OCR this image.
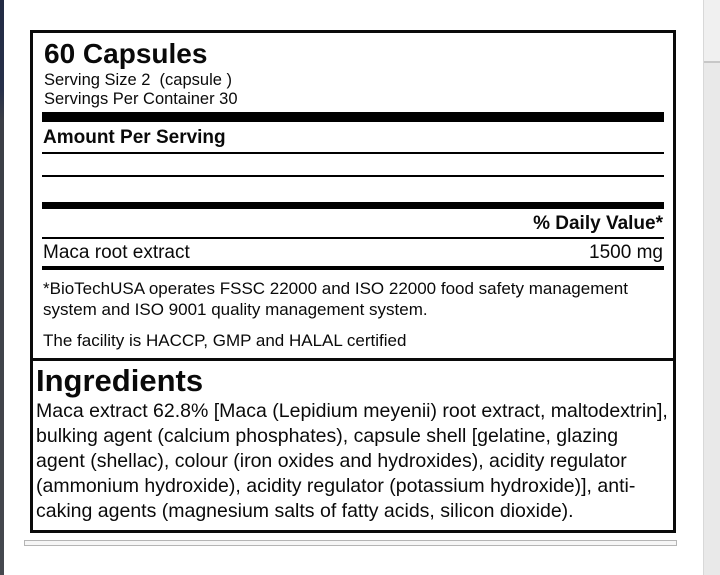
60 Capsules
Serving Size 2  (capsule )
Servings Per Container 30
Amount Per Serving
% Daily Value*
Maca root extract	1500 mg
*BioTechUSA operates FSSC 22000 and ISO 22000 food safety management system and ISO 9001 quality management system.
The facility is HACCP, GMP and HALAL certified
Ingredients
Maca extract 62.8% [Maca (Lepidium meyenii) root extract, maltodextrin], bulking agent (calcium phosphates), capsule shell [gelatine, glazing agent (shellac), colour (iron oxides and hydroxides), acidity regulator (ammonium hydroxide), acidity regulator (potassium hydroxide)], anti-caking agents (magnesium salts of fatty acids, silicon dioxide).
